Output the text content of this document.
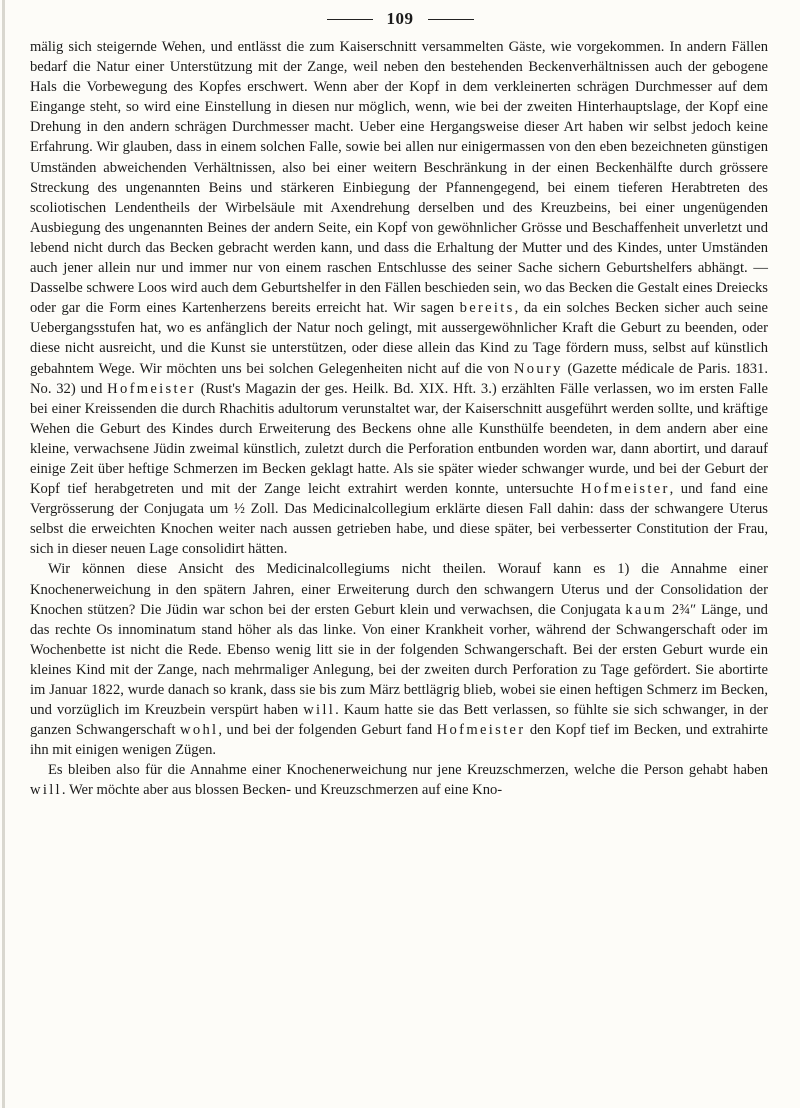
109

mälig sich steigernde Wehen, und entlässt die zum Kaiserschnitt versammelten Gäste, wie vorgekommen. In andern Fällen bedarf die Natur einer Unterstützung mit der Zange, weil neben den bestehenden Beckenverhältnissen auch der gebogene Hals die Vorbewegung des Kopfes erschwert. Wenn aber der Kopf in dem verkleinerten schrägen Durchmesser auf dem Eingange steht, so wird eine Einstellung in diesen nur möglich, wenn, wie bei der zweiten Hinterhauptslage, der Kopf eine Drehung in den andern schrägen Durchmesser macht. Ueber eine Hergangsweise dieser Art haben wir selbst jedoch keine Erfahrung. Wir glauben, dass in einem solchen Falle, sowie bei allen nur einigermassen von den eben bezeichneten günstigen Umständen abweichenden Verhältnissen, also bei einer weitern Beschränkung in der einen Beckenhälfte durch grössere Streckung des ungenannten Beins und stärkeren Einbiegung der Pfannengegend, bei einem tieferen Herabtreten des scoliotischen Lendentheils der Wirbelsäule mit Axendrehung derselben und des Kreuzbeins, bei einer ungenügenden Ausbiegung des ungenannten Beines der andern Seite, ein Kopf von gewöhnlicher Grösse und Beschaffenheit unverletzt und lebend nicht durch das Becken gebracht werden kann, und dass die Erhaltung der Mutter und des Kindes, unter Umständen auch jener allein nur und immer nur von einem raschen Entschlusse des seiner Sache sichern Geburtshelfers abhängt. — Dasselbe schwere Loos wird auch dem Geburtshelfer in den Fällen beschieden sein, wo das Becken die Gestalt eines Dreiecks oder gar die Form eines Kartenherzens bereits erreicht hat. Wir sagen bereits, da ein solches Becken sicher auch seine Uebergangsstufen hat, wo es anfänglich der Natur noch gelingt, mit aussergewöhnlicher Kraft die Geburt zu beenden, oder diese nicht ausreicht, und die Kunst sie unterstützen, oder diese allein das Kind zu Tage fördern muss, selbst auf künstlich gebahntem Wege. Wir möchten uns bei solchen Gelegenheiten nicht auf die von Noury (Gazette médicale de Paris. 1831. No. 32) und Hofmeister (Rust's Magazin der ges. Heilk. Bd. XIX. Hft. 3.) erzählten Fälle verlassen, wo im ersten Falle bei einer Kreissenden die durch Rhachitis adultorum verunstaltet war, der Kaiserschnitt ausgeführt werden sollte, und kräftige Wehen die Geburt des Kindes durch Erweiterung des Beckens ohne alle Kunsthülfe beendeten, in dem andern aber eine kleine, verwachsene Jüdin zweimal künstlich, zuletzt durch die Perforation entbunden worden war, dann abortirt, und darauf einige Zeit über heftige Schmerzen im Becken geklagt hatte. Als sie später wieder schwanger wurde, und bei der Geburt der Kopf tief herabgetreten und mit der Zange leicht extrahirt werden konnte, untersuchte Hofmeister, und fand eine Vergrösserung der Conjugata um ½ Zoll. Das Medicinalcollegium erklärte diesen Fall dahin: dass der schwangere Uterus selbst die erweichten Knochen weiter nach aussen getrieben habe, und diese später, bei verbesserter Constitution der Frau, sich in dieser neuen Lage consolidirt hätten.

Wir können diese Ansicht des Medicinalcollegiums nicht theilen. Worauf kann es 1) die Annahme einer Knochenerweichung in den spätern Jahren, einer Erweiterung durch den schwangern Uterus und der Consolidation der Knochen stützen? Die Jüdin war schon bei der ersten Geburt klein und verwachsen, die Conjugata kaum 2¾″ Länge, und das rechte Os innominatum stand höher als das linke. Von einer Krankheit vorher, während der Schwangerschaft oder im Wochenbette ist nicht die Rede. Ebenso wenig litt sie in der folgenden Schwangerschaft. Bei der ersten Geburt wurde ein kleines Kind mit der Zange, nach mehrmaliger Anlegung, bei der zweiten durch Perforation zu Tage gefördert. Sie abortirte im Januar 1822, wurde danach so krank, dass sie bis zum März bettlägrig blieb, wobei sie einen heftigen Schmerz im Becken, und vorzüglich im Kreuzbein verspürt haben will. Kaum hatte sie das Bett verlassen, so fühlte sie sich schwanger, in der ganzen Schwangerschaft wohl, und bei der folgenden Geburt fand Hofmeister den Kopf tief im Becken, und extrahirte ihn mit einigen wenigen Zügen.

Es bleiben also für die Annahme einer Knochenerweichung nur jene Kreuzschmerzen, welche die Person gehabt haben will. Wer möchte aber aus blossen Becken- und Kreuzschmerzen auf eine Kno-
